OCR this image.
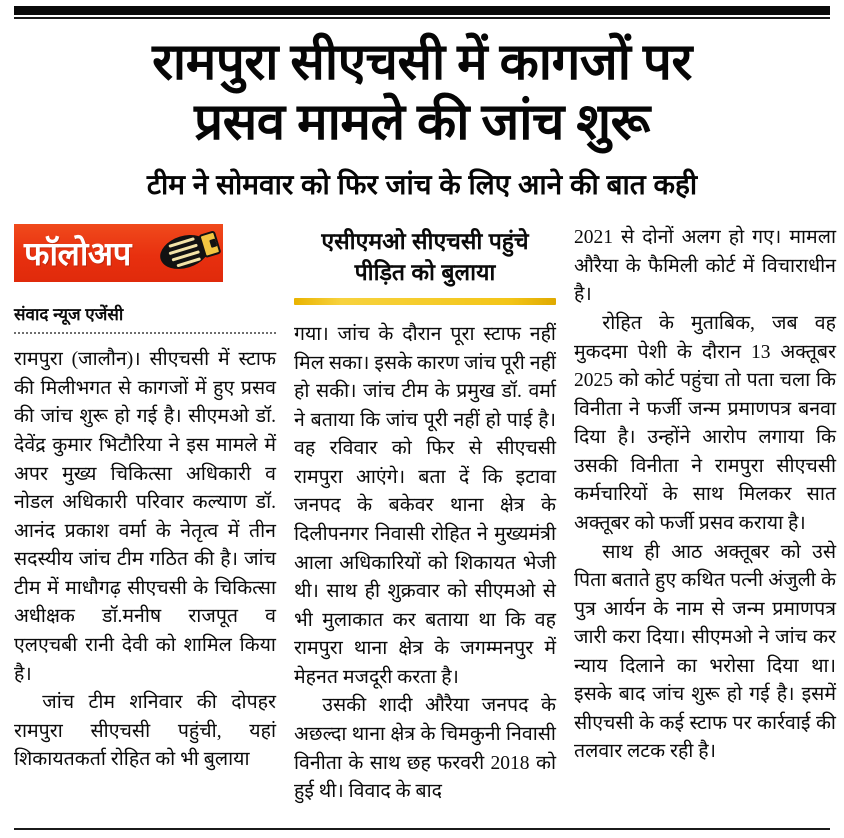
रामपुरा सीएचसी में कागजों पर
प्रसव मामले की जांच शुरू
टीम ने सोमवार को फिर जांच के लिए आने की बात कही
फॉलोअप
संवाद न्यूज एजेंसी

रामपुरा (जालौन)। सीएचसी में स्टाफ की मिलीभगत से कागजों में हुए प्रसव की जांच शुरू हो गई है। सीएमओ डॉ. देवेंद्र कुमार भिटौरिया ने इस मामले में अपर मुख्य चिकित्सा अधिकारी व नोडल अधिकारी परिवार कल्याण डॉ. आनंद प्रकाश वर्मा के नेतृत्व में तीन सदस्यीय जांच टीम गठित की है। जांच टीम में माधौगढ़ सीएचसी के चिकित्सा अधीक्षक डॉ.मनीष राजपूत व एलएचबी रानी देवी को शामिल किया है।

जांच टीम शनिवार की दोपहर रामपुरा सीएचसी पहुंची, यहां शिकायतकर्ता रोहित को भी बुलाया

एसीएमओ सीएचसी पहुंचे
पीड़ित को बुलाया

गया। जांच के दौरान पूरा स्टाफ नहीं मिल सका। इसके कारण जांच पूरी नहीं हो सकी। जांच टीम के प्रमुख डॉ. वर्मा ने बताया कि जांच पूरी नहीं हो पाई है। वह रविवार को फिर से सीएचसी रामपुरा आएंगे। बता दें कि इटावा जनपद के बकेवर थाना क्षेत्र के दिलीपनगर निवासी रोहित ने मुख्यमंत्री आला अधिकारियों को शिकायत भेजी थी। साथ ही शुक्रवार को सीएमओ से भी मुलाकात कर बताया था कि वह रामपुरा थाना क्षेत्र के जगम्मनपुर में मेहनत मजदूरी करता है।

उसकी शादी औरैया जनपद के अछल्दा थाना क्षेत्र के चिमकुनी निवासी विनीता के साथ छह फरवरी 2018 को हुई थी। विवाद के बाद

2021 से दोनों अलग हो गए। मामला औरैया के फैमिली कोर्ट में विचाराधीन है।

रोहित के मुताबिक, जब वह मुकदमा पेशी के दौरान 13 अक्तूबर 2025 को कोर्ट पहुंचा तो पता चला कि विनीता ने फर्जी जन्म प्रमाणपत्र बनवा दिया है। उन्होंने आरोप लगाया कि उसकी विनीता ने रामपुरा सीएचसी कर्मचारियों के साथ मिलकर सात अक्तूबर को फर्जी प्रसव कराया है।

साथ ही आठ अक्तूबर को उसे पिता बताते हुए कथित पत्नी अंजुली के पुत्र आर्यन के नाम से जन्म प्रमाणपत्र जारी करा दिया। सीएमओ ने जांच कर न्याय दिलाने का भरोसा दिया था। इसके बाद जांच शुरू हो गई है। इसमें सीएचसी के कई स्टाफ पर कार्रवाई की तलवार लटक रही है।
